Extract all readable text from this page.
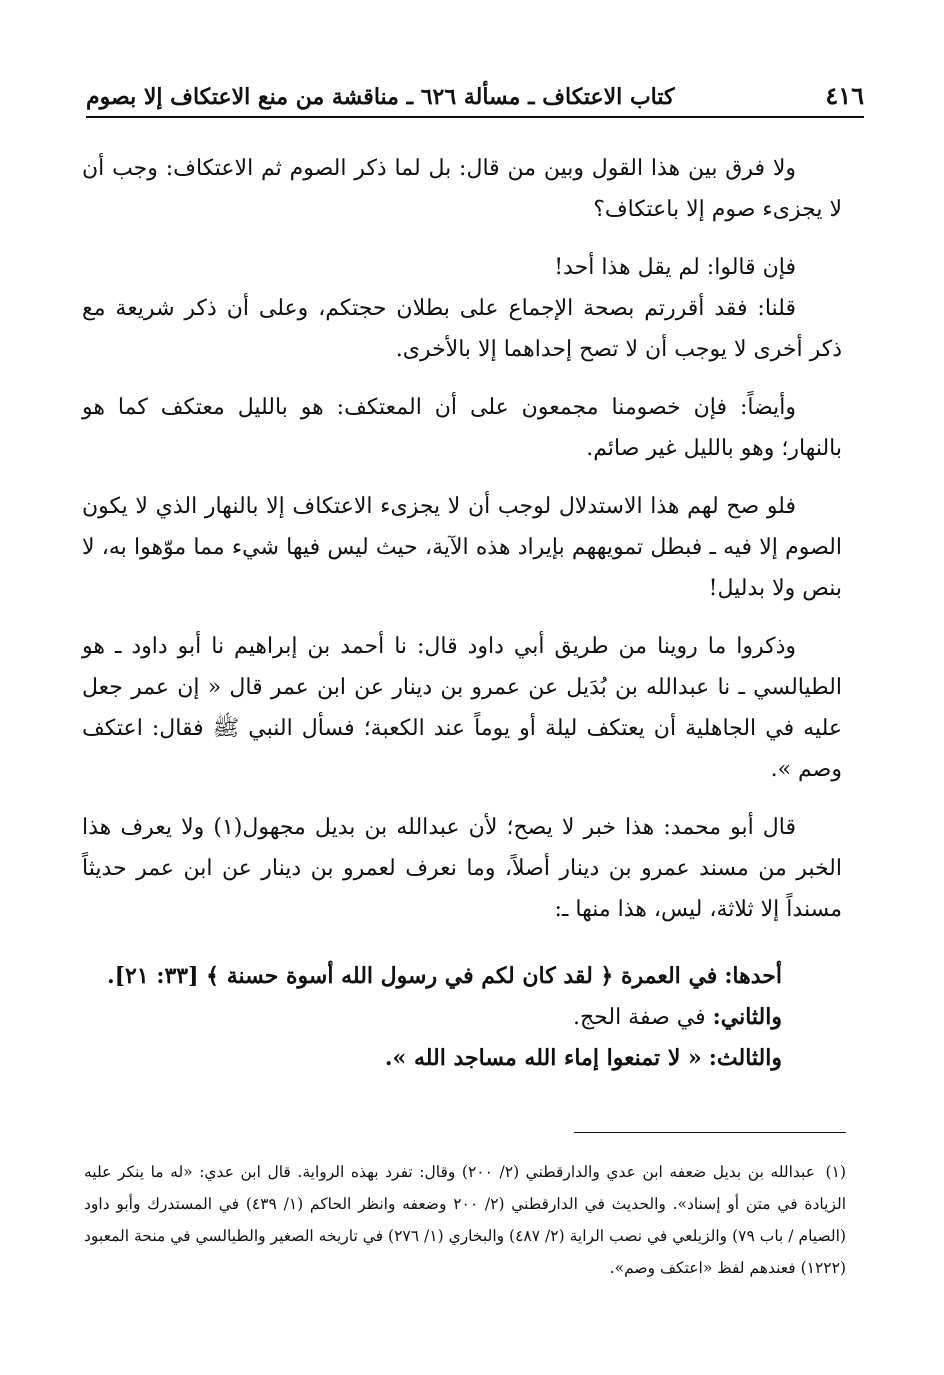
٤١٦
كتاب الاعتكاف ـ مسألة ٦٢٦ ـ مناقشة من منع الاعتكاف إلا بصوم

ولا فرق بين هذا القول وبين من قال: بل لما ذكر الصوم ثم الاعتكاف: وجب أن لا يجزىء صوم إلا باعتكاف؟

فإن قالوا: لم يقل هذا أحد!

قلنا: فقد أقررتم بصحة الإجماع على بطلان حجتكم، وعلى أن ذكر شريعة مع ذكر أخرى لا يوجب أن لا تصح إحداهما إلا بالأخرى.

وأيضاً: فإن خصومنا مجمعون على أن المعتكف: هو بالليل معتكف كما هو بالنهار؛ وهو بالليل غير صائم.

فلو صح لهم هذا الاستدلال لوجب أن لا يجزىء الاعتكاف إلا بالنهار الذي لا يكون الصوم إلا فيه ـ فبطل تمويههم بإيراد هذه الآية، حيث ليس فيها شيء مما موّهوا به، لا بنص ولا بدليل!

وذكروا ما روينا من طريق أبي داود قال: نا أحمد بن إبراهيم نا أبو داود ـ هو الطيالسي ـ نا عبدالله بن بُدَيل عن عمرو بن دينار عن ابن عمر قال « إن عمر جعل عليه في الجاهلية أن يعتكف ليلة أو يوماً عند الكعبة؛ فسأل النبي ﷺ فقال: اعتكف وصم ».

قال أبو محمد: هذا خبر لا يصح؛ لأن عبدالله بن بديل مجهول(١) ولا يعرف هذا الخبر من مسند عمرو بن دينار أصلاً، وما نعرف لعمرو بن دينار عن ابن عمر حديثاً مسنداً إلا ثلاثة، ليس، هذا منها ـ:

أحدها: في العمرة ﴿ لقد كان لكم في رسول الله أسوة حسنة ﴾ [٣٣: ٢١].
والثاني: في صفة الحج.
والثالث: « لا تمنعوا إماء الله مساجد الله ».
(١) عبدالله بن بديل ضعفه ابن عدي والدارقطني (٢/ ٢٠٠) وقال: تفرد بهذه الرواية. قال ابن عدي: «له ما ينكر عليه الزيادة في متن أو إسناد». والحديث في الدارقطني (٢/ ٢٠٠ وضعفه وانظر الحاكم (١/ ٤٣٩) في المستدرك وأبو داود (الصيام / باب ٧٩) والزيلعي في نصب الراية (٢/ ٤٨٧) والبخاري (١/ ٢٧٦) في تاريخه الصغير والطيالسي في منحة المعبود (١٢٢٢) فعندهم لفظ «اعتكف وصم».
